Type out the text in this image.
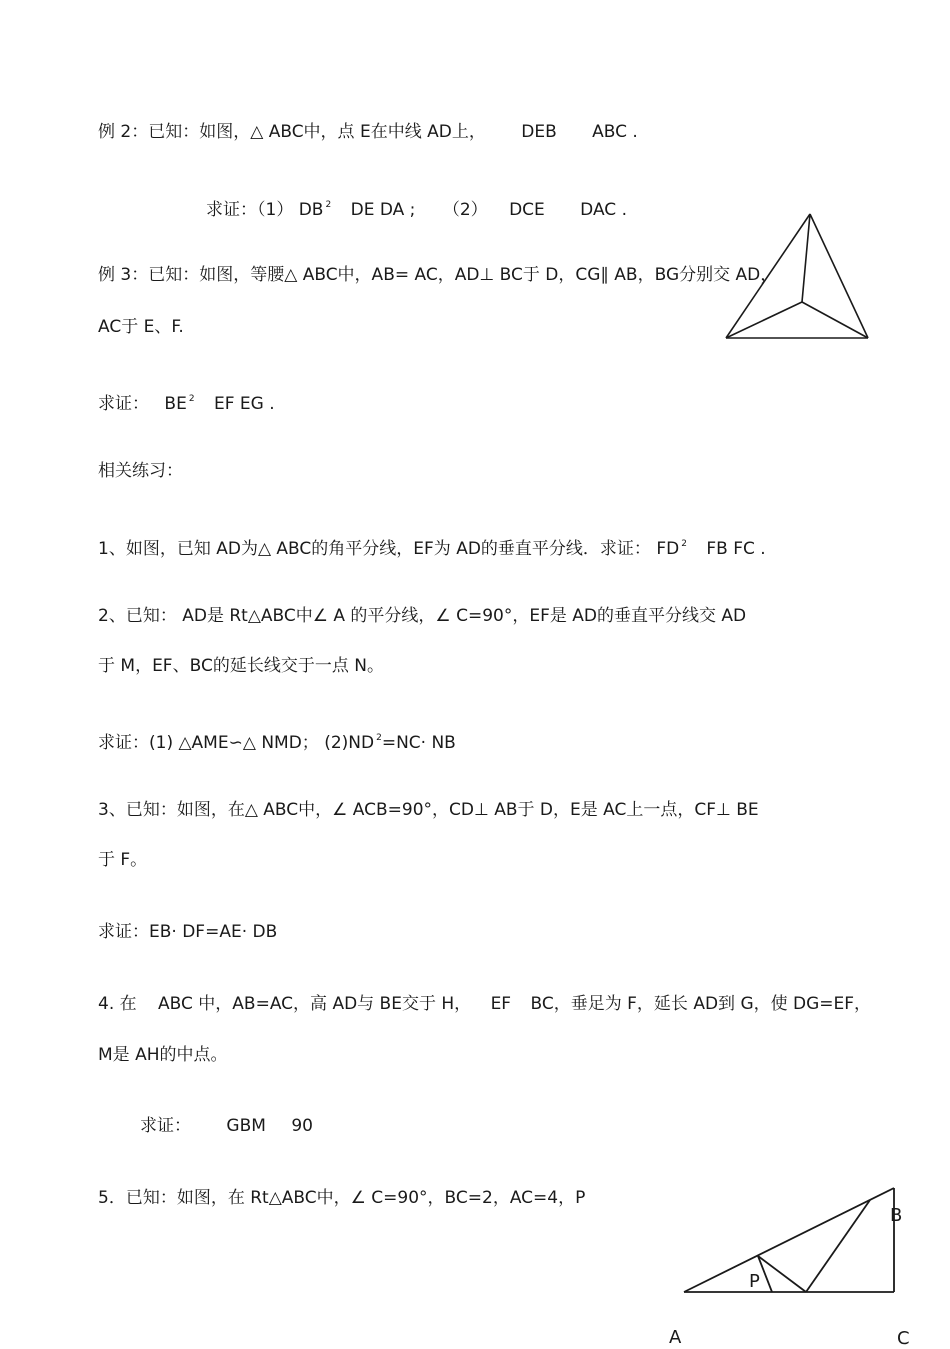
例 2：已知：如图，△ ABC中，点 E在中线 AD上， DEB ABC .
求证：（1） DB $^2$ DE DA ; （2） DCE DAC .
例 3：已知：如图，等腰△ ABC中，AB= AC，AD⊥ BC于 D，CG∥ AB，BG分别交 AD，
AC于 E、F.
求证： BE $^2$ EF EG .
相关练习：
1、如图，已知 AD为△ ABC的角平分线，EF为 AD的垂直平分线．求证： FD $^2$ FB FC .
2、已知： AD是 Rt△ABC中∠ A 的平分线，∠ C=90°，EF是 AD的垂直平分线交 AD
于 M，EF、BC的延长线交于一点 N。
求证：(1) △AME∽△ NMD； (2)ND $^2$=NC· NB
3、已知：如图，在△ ABC中，∠ ACB=90°，CD⊥ AB于 D，E是 AC上一点，CF⊥ BE
于 F。
求证：EB· DF=AE· DB
4. 在 ABC 中，AB=AC，高 AD与 BE交于 H， EF BC，垂足为 F，延长 AD到 G，使 DG=EF，
M是 AH的中点。
求证： GBM 90
5．已知：如图，在 Rt△ABC中，∠ C=90°，BC=2，AC=4，P
B
P
A	C
